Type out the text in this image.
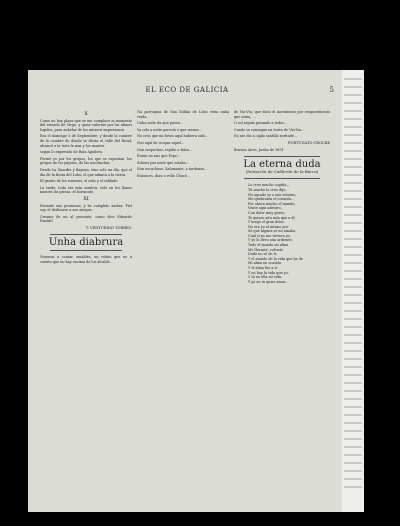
EL ECO DE GALICIA	5
X
Como no hay plaza que se me complace ni momento del reinado de Virgo, y quise valerme por los afanes logidos, para anhelar de los míseros impresiones.
Era el domingo 5 de Septiembre, y desde la cumbre de la cumbre de donde se divisa el valle del Rosal, alcancé a la vista la mar y los montes.
segun lo expresión de Ruiz Aguilera.
Formé yo por los grupos, los que se espantan, los grupos de los pájaros, de las muchachas.
Desde La Guardia y Bayona, vino solo un día, que el dia de la fiesta del Lobo, el que admira a la tierra.
El gentío de los romeros, el niño y el soldado.
La tarde, toda ese más sombra, voló en los llanos montes las piezas, el horizonte.
XI
Formule mis promesas, y he cumplido ambas. Fiel soy, el dedicarse a sus amigos.
Creame de mi al presente, como dice Eduardo Pondal!
T. VENTURINO TORRES.
Unha diabrura
Vivamos a contar, amables, un relato que no a cuento que no hay encima de los alcalde.
Na parroquia de San Xulián de Lobo vivía unha viuda...
Unha noite da que pasou...
Ya cela a noite parecía o que menos...
No creo que mi bruto aquí hubiera sido...
Nos aquí de ocupar aquel...
Non sospechas, repitiu e falou...
Entón un ano que Pepe...
Sobreo pra noite que estaba...
Non escuchase. Xalamante, a tardanza...
Entonces, diau o vello Chucó...
de Viu-Viu, que dicio el movimento por resquerimento que arma, ...
O sol seguía pasando a todos...
Cando se consegue na horta de Viu-Viu...
No me dis a ciglio santilla xeritade...
FORTUNATO CROCKE
Buenos Aires, Junho de 1891
La eterna duda
(Imitación de Calderón de la Barca)
Lo creo mucho cogido—
Tú mucho lo creo dijo,
No agrado yo a mis veintas;
Me quebranta el corazón...
Por ahora mucho el mundo,
Vente aquí adentro,
Con dolor muy grave,
Te quiero aún más que a él;
Y luego el gran dolor
No era yo el mismo por
Sé que alguna se no amaba,
Cual si no me tuviera yo,
Y yo lo llevo aún ardiente,
Todo el mundo mi alma
Me llevaste, volviste
Dudo no sé de ti,
Y el mundo de la vida que he de
Mi alma en ocasión
Y el alma fue a ir
Y no hay la vida que yo,
Y tú en ella mi vida,
Y yo no te quise amar...
